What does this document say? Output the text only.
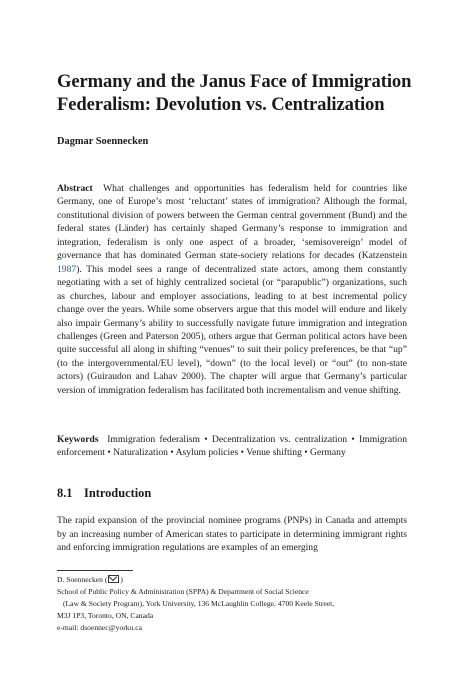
Germany and the Janus Face of Immigration Federalism: Devolution vs. Centralization
Dagmar Soennecken

Abstract What challenges and opportunities has federalism held for countries like Germany, one of Europe’s most ‘reluctant’ states of immigration? Although the formal, constitutional division of powers between the German central government (Bund) and the federal states (Länder) has certainly shaped Germany’s response to immigration and integration, federalism is only one aspect of a broader, ‘semisovereign’ model of governance that has dominated German state-society relations for decades (Katzenstein 1987). This model sees a range of decentralized state actors, among them constantly negotiating with a set of highly centralized societal (or “parapublic”) organizations, such as churches, labour and employer associations, leading to at best incremental policy change over the years. While some observers argue that this model will endure and likely also impair Germany’s ability to successfully navigate future immigration and integration challenges (Green and Paterson 2005), others argue that German political actors have been quite successful all along in shifting “venues” to suit their policy preferences, be that “up” (to the intergovernmental/EU level), “down” (to the local level) or “out” (to non-state actors) (Guiraudon and Lahav 2000). The chapter will argue that Germany’s particular version of immigration federalism has facilitated both incrementalism and venue shifting.

Keywords Immigration federalism • Decentralization vs. centralization • Immigration enforcement • Naturalization • Asylum policies • Venue shifting • Germany

8.1 Introduction

The rapid expansion of the provincial nominee programs (PNPs) in Canada and attempts by an increasing number of American states to participate in determining immigrant rights and enforcing immigration regulations are examples of an emerging

D. Soennecken ( )
School of Public Policy & Administration (SPPA) & Department of Social Science
(Law & Society Program), York University, 136 McLaughlin College, 4700 Keele Street,
M3J 1P3, Toronto, ON, Canada
e-mail: dsoennec@yorku.ca
